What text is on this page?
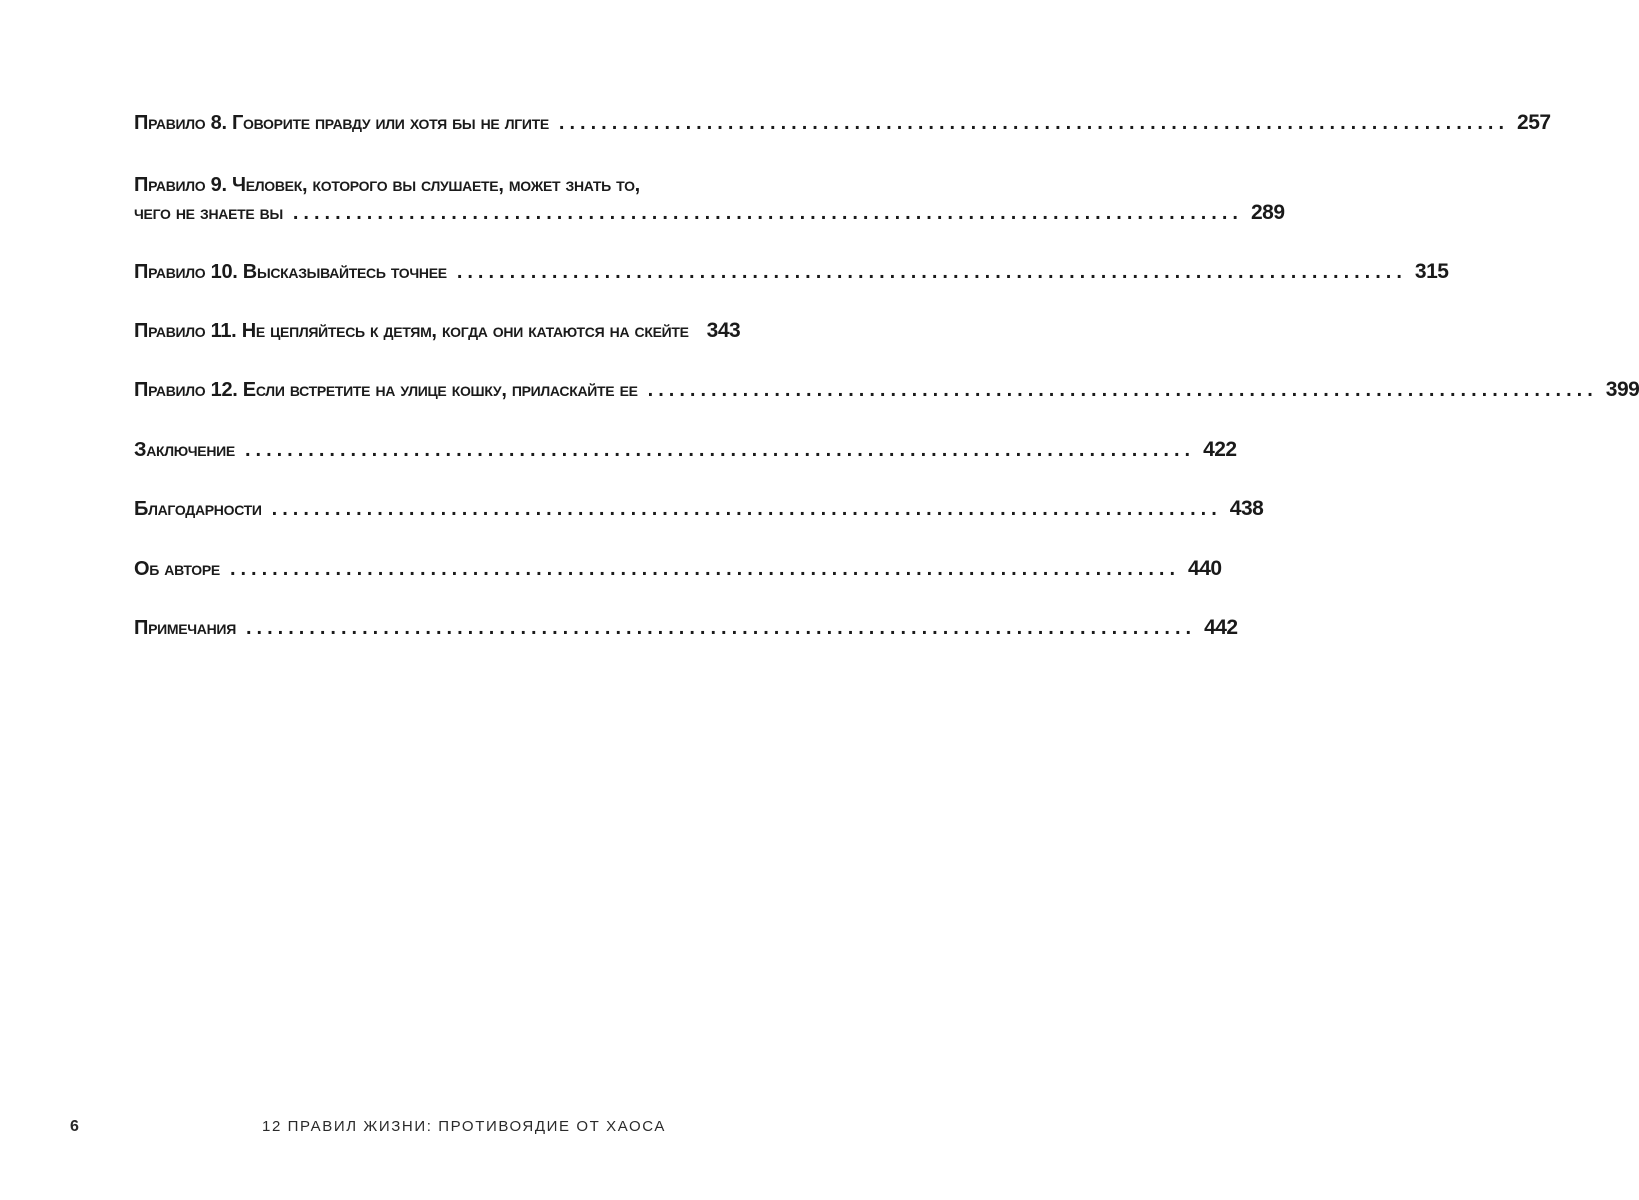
Правило 8. Говорите правду или хотя бы не лгите .......................................................................................... 257
Правило 9. Человек, которого вы слушаете, может знать то,
чего не знаете вы .......................................................................................... 289
Правило 10. Высказывайтесь точнее .......................................................................................... 315
Правило 11. Не цепляйтесь к детям, когда они катаются на скейте 343
Правило 12. Если встретите на улице кошку, приласкайте ее .......................................................................................... 399
Заключение .......................................................................................... 422
Благодарности .......................................................................................... 438
Об авторе .......................................................................................... 440
Примечания .......................................................................................... 442
6	12 ПРАВИЛ ЖИЗНИ: ПРОТИВОЯДИЕ ОТ ХАОСА
